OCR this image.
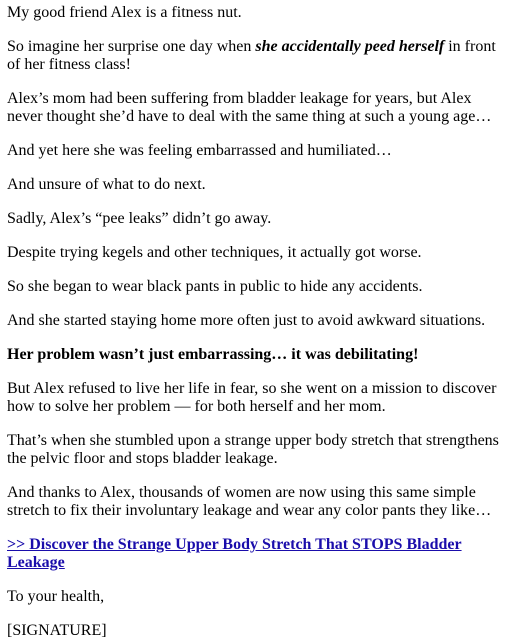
My good friend Alex is a fitness nut.

So imagine her surprise one day when she accidentally peed herself in front of her fitness class!

Alex’s mom had been suffering from bladder leakage for years, but Alex never thought she’d have to deal with the same thing at such a young age…

And yet here she was feeling embarrassed and humiliated…

And unsure of what to do next.

Sadly, Alex’s “pee leaks” didn’t go away.

Despite trying kegels and other techniques, it actually got worse.

So she began to wear black pants in public to hide any accidents.

And she started staying home more often just to avoid awkward situations.

Her problem wasn’t just embarrassing… it was debilitating!

But Alex refused to live her life in fear, so she went on a mission to discover how to solve her problem — for both herself and her mom.

That’s when she stumbled upon a strange upper body stretch that strengthens the pelvic floor and stops bladder leakage.

And thanks to Alex, thousands of women are now using this same simple stretch to fix their involuntary leakage and wear any color pants they like…

>> Discover the Strange Upper Body Stretch That STOPS Bladder Leakage

To your health,

[SIGNATURE]
